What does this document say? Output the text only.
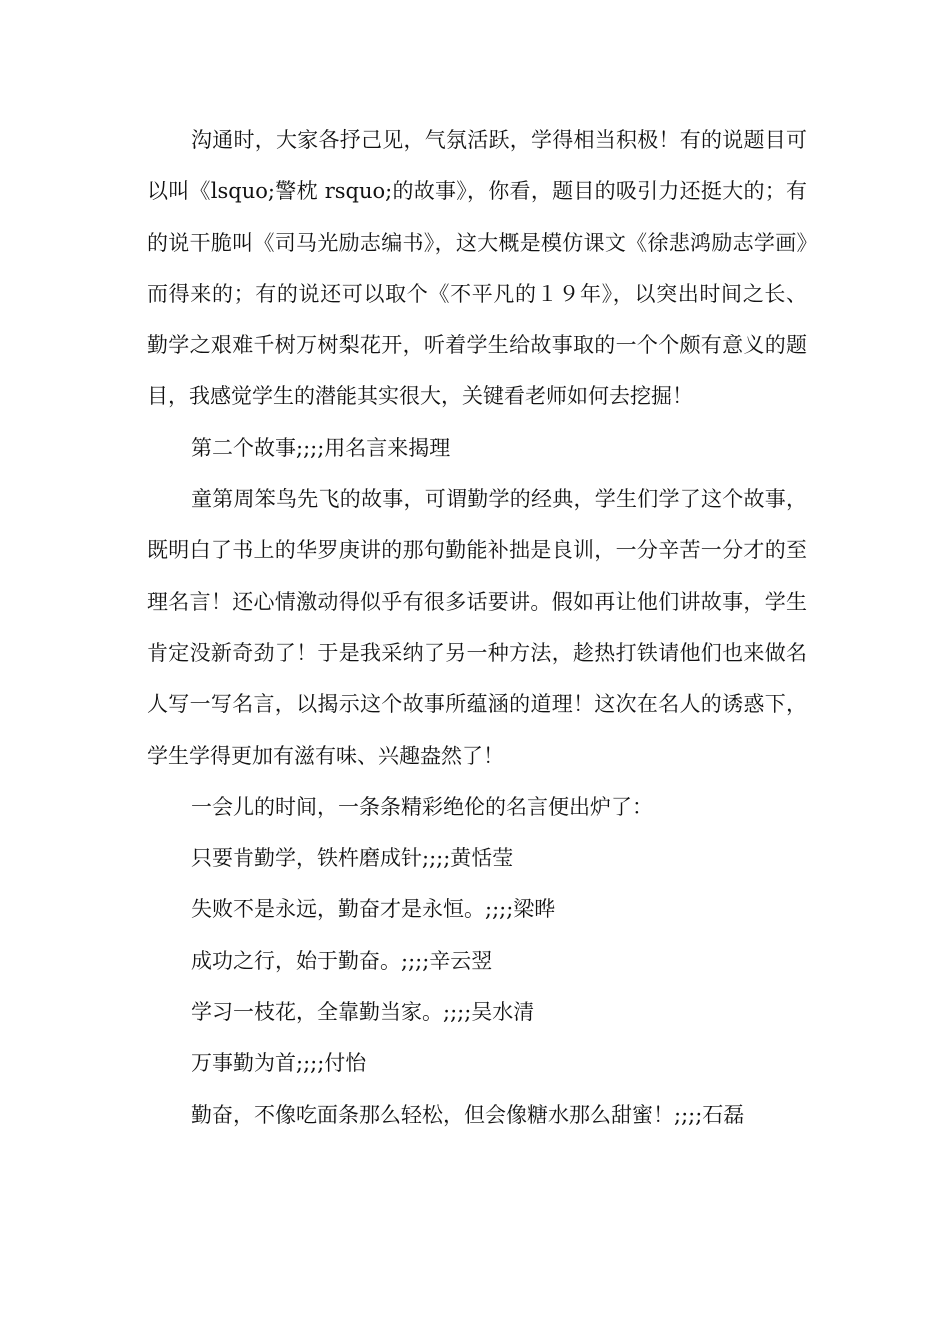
沟通时，大家各抒己见，气氛活跃，学得相当积极！有的说题目可以叫《lsquo;警枕 rsquo;的故事》，你看，题目的吸引力还挺大的；有的说干脆叫《司马光励志编书》，这大概是模仿课文《徐悲鸿励志学画》而得来的；有的说还可以取个《不平凡的１９年》，以突出时间之长、勤学之艰难千树万树梨花开，听着学生给故事取的一个个颇有意义的题目，我感觉学生的潜能其实很大，关键看老师如何去挖掘！

第二个故事;;;;用名言来揭理

童第周笨鸟先飞的故事，可谓勤学的经典，学生们学了这个故事，既明白了书上的华罗庚讲的那句勤能补拙是良训，一分辛苦一分才的至理名言！还心情激动得似乎有很多话要讲。假如再让他们讲故事，学生肯定没新奇劲了！于是我采纳了另一种方法，趁热打铁请他们也来做名人写一写名言，以揭示这个故事所蕴涵的道理！这次在名人的诱惑下，学生学得更加有滋有味、兴趣盎然了！

一会儿的时间，一条条精彩绝伦的名言便出炉了：

只要肯勤学，铁杵磨成针;;;;黄恬莹

失败不是永远，勤奋才是永恒。;;;;梁晔

成功之行，始于勤奋。;;;;辛云翌

学习一枝花，全靠勤当家。;;;;吴水清

万事勤为首;;;;付怡

勤奋，不像吃面条那么轻松，但会像糖水那么甜蜜！;;;;石磊
